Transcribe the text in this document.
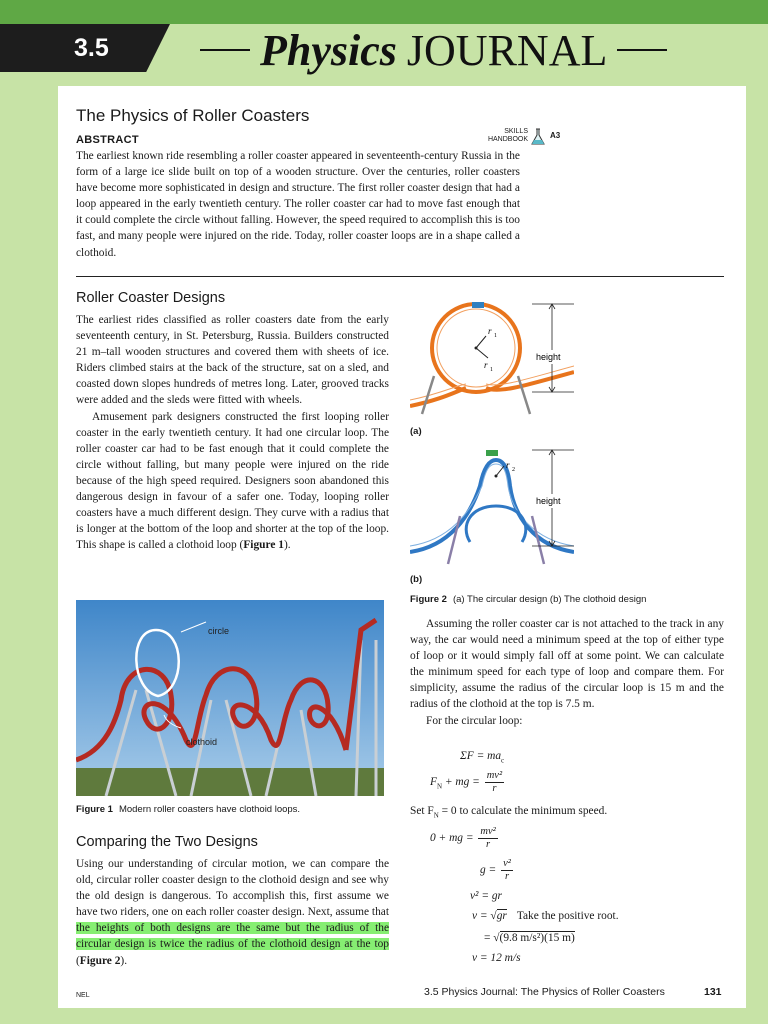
3.5	Physics JOURNAL
The Physics of Roller Coasters
ABSTRACT
SKILLS
HANDBOOK	A3

The earliest known ride resembling a roller coaster appeared in seventeenth-century Russia in the form of a large ice slide built on top of a wooden structure. Over the centuries, roller coasters have become more sophisticated in design and structure. The first roller coaster design that had a loop appeared in the early twentieth century. The roller coaster car had to move fast enough that it could complete the circle without falling. However, the speed required to accomplish this is too fast, and many people were injured on the ride. Today, roller coaster loops are in a shape called a clothoid.

Roller Coaster Designs

The earliest rides classified as roller coasters date from the early seventeenth century, in St. Petersburg, Russia. Builders constructed 21 m–tall wooden structures and covered them with sheets of ice. Riders climbed stairs at the back of the structure, sat on a sled, and coasted down slopes hundreds of metres long. Later, grooved tracks were added and the sleds were fitted with wheels.

Amusement park designers constructed the first looping roller coaster in the early twentieth century. It had one circular loop. The roller coaster car had to be fast enough that it could complete the circle without falling, but many people were injured on the ride because of the high speed required. Designers soon abandoned this dangerous design in favour of a safer one. Today, looping roller coasters have a much different design. They curve with a radius that is longer at the bottom of the loop and shorter at the top of the loop. This shape is called a clothoid loop (Figure 1).

circle
clothoid
Figure 1 Modern roller coasters have clothoid loops.
Comparing the Two Designs

Using our understanding of circular motion, we can compare the old, circular roller coaster design to the clothoid design and see why the old design is dangerous. To accomplish this, first assume we have two riders, one on each roller coaster design. Next, assume that the heights of both designs are the same but the radius of the circular design is twice the radius of the clothoid design at the top (Figure 2).

r 1
r 1
height
(a)
r 2
height
(b)
Figure 2 (a) The circular design (b) The clothoid design

Assuming the roller coaster car is not attached to the track in any way, the car would need a minimum speed at the top of either type of loop or it would simply fall off at some point. We can calculate the minimum speed for each type of loop and compare them. For simplicity, assume the radius of the circular loop is 15 m and the radius of the clothoid at the top is 7.5 m.

For the circular loop:

$\Sigma F = ma_c$
$F_N$ + mg = $\frac{\text{mv²}}{r}$
Set $F_N = 0$ to calculate the minimum speed.
0 + mg = $\frac{\text{mv²}}{r}$
$g = \frac{\text{v²}}{r}$
v² = gr
v = √gr Take the positive root.
= √(9.8 m/s²)(15 m)
v = 12 m/s
NEL	3.5 Physics Journal: The Physics of Roller Coasters	131
